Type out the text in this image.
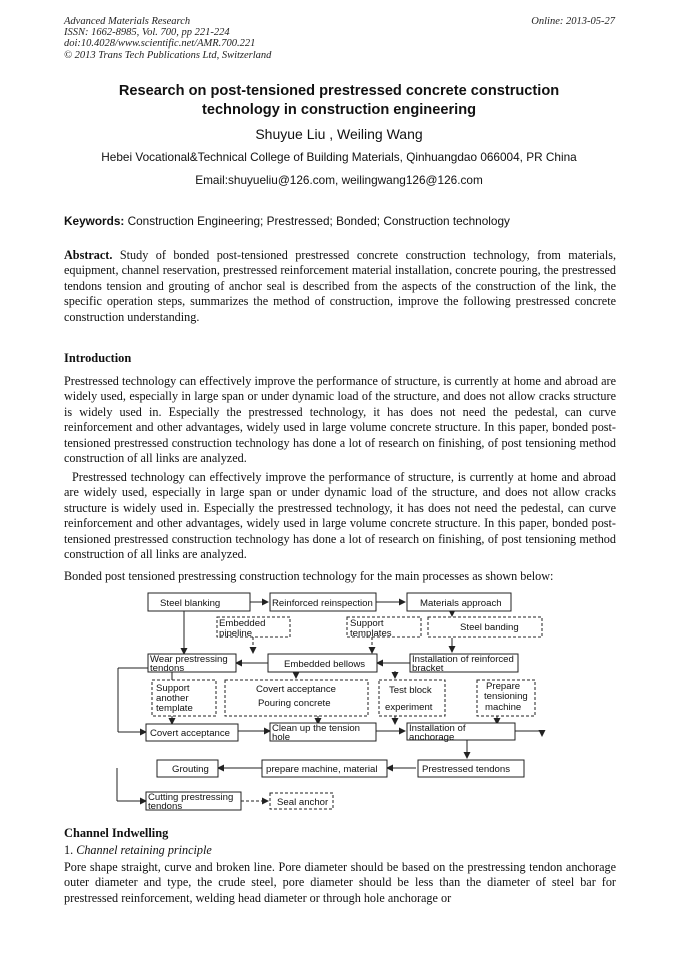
Advanced Materials Research
ISSN: 1662-8985, Vol. 700, pp 221-224
doi:10.4028/www.scientific.net/AMR.700.221
© 2013 Trans Tech Publications Ltd, Switzerland
Online: 2013-05-27
Research on post-tensioned prestressed concrete construction
technology in construction engineering
Shuyue Liu , Weiling Wang
Hebei Vocational&Technical College of Building Materials, Qinhuangdao 066004, PR China
Email:shuyueliu@126.com, weilingwang126@126.com
Keywords: Construction Engineering; Prestressed; Bonded; Construction technology
Abstract. Study of bonded post-tensioned prestressed concrete construction technology, from materials, equipment, channel reservation, prestressed reinforcement material installation, concrete pouring, the prestressed tendons tension and grouting of anchor seal is described from the aspects of the construction of the link, the specific operation steps, summarizes the method of construction, improve the following prestressed concrete construction understanding.
Introduction
Prestressed technology can effectively improve the performance of structure, is currently at home and abroad are widely used, especially in large span or under dynamic load of the structure, and does not allow cracks structure is widely used in. Especially the prestressed technology, it has does not need the pedestal, can curve reinforcement and other advantages, widely used in large volume concrete structure. In this paper, bonded post-tensioned prestressed construction technology has done a lot of research on finishing, of post tensioning method construction of all links are analyzed.
Prestressed technology can effectively improve the performance of structure, is currently at home and abroad are widely used, especially in large span or under dynamic load of the structure, and does not allow cracks structure is widely used in. Especially the prestressed technology, it has does not need the pedestal, can curve reinforcement and other advantages, widely used in large volume concrete structure. In this paper, bonded post-tensioned prestressed construction technology has done a lot of research on finishing, of post tensioning method construction of all links are analyzed.
Bonded post tensioned prestressing construction technology for the main processes as shown below:
Steel blanking	Reinforced reinspection	Materials approach
Embedded
pipeline
Support
templates
Steel banding
Wear prestressing
tendons	Embedded bellows	Installation of reinforced
bracket
Support
another
template
Covert acceptance
Pouring concrete
Test block
experiment
Prepare
tensioning
machine
Covert acceptance	Clean up the tension
hole
Installation of
anchorage
Grouting	prepare machine, material	Prestressed tendons
Cutting prestressing
tendons	Seal anchor
Channel Indwelling
1. Channel retaining principle
Pore shape straight, curve and broken line. Pore diameter should be based on the prestressing tendon anchorage outer diameter and type, the crude steel, pore diameter should be less than the diameter of steel bar for prestressed reinforcement, welding head diameter or through hole anchorage or
